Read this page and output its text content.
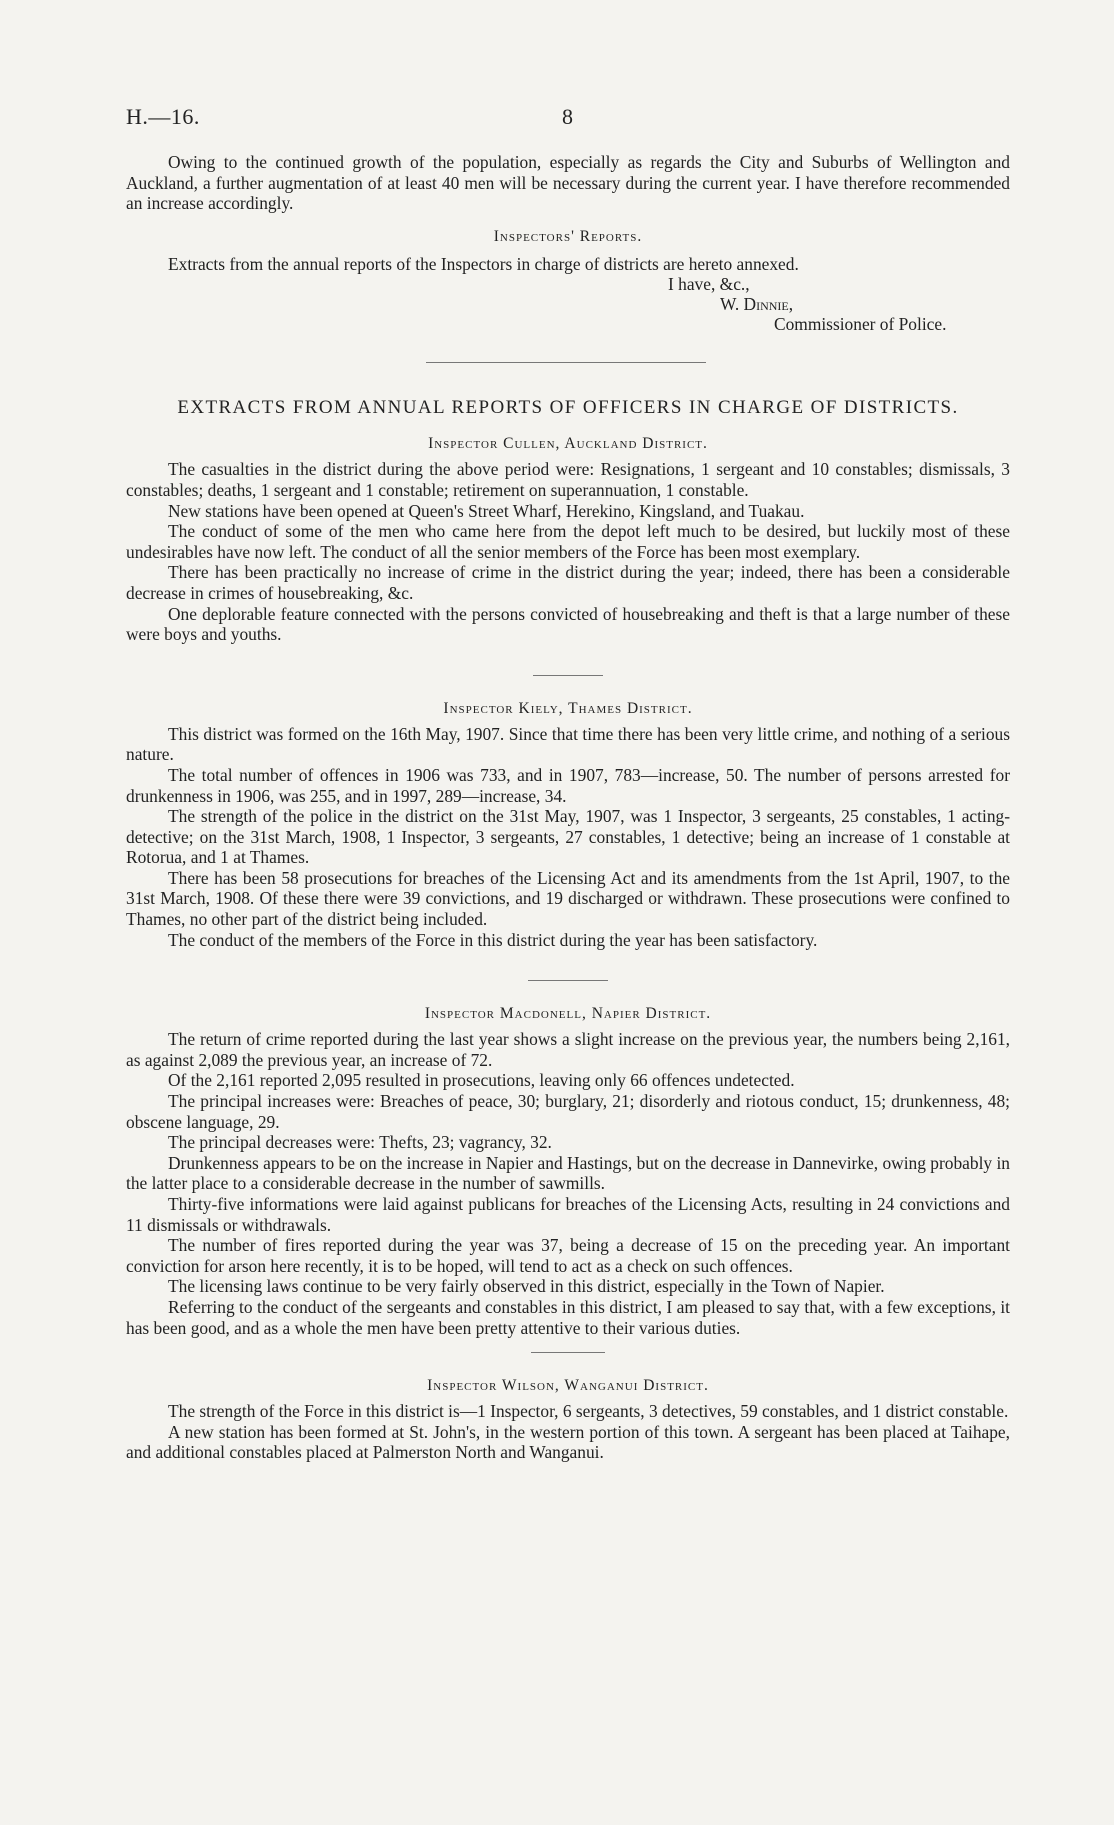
H.—16.	8

Owing to the continued growth of the population, especially as regards the City and Suburbs of Wellington and Auckland, a further augmentation of at least 40 men will be necessary during the current year. I have therefore recommended an increase accordingly.

Inspectors' Reports.

Extracts from the annual reports of the Inspectors in charge of districts are hereto annexed.

I have, &c.,
W. Dinnie,
Commissioner of Police.
EXTRACTS FROM ANNUAL REPORTS OF OFFICERS IN CHARGE OF DISTRICTS.
Inspector Cullen, Auckland District.

The casualties in the district during the above period were: Resignations, 1 sergeant and 10 constables; dismissals, 3 constables; deaths, 1 sergeant and 1 constable; retirement on superannuation, 1 constable.

New stations have been opened at Queen's Street Wharf, Herekino, Kingsland, and Tuakau.

The conduct of some of the men who came here from the depot left much to be desired, but luckily most of these undesirables have now left. The conduct of all the senior members of the Force has been most exemplary.

There has been practically no increase of crime in the district during the year; indeed, there has been a considerable decrease in crimes of housebreaking, &c.

One deplorable feature connected with the persons convicted of housebreaking and theft is that a large number of these were boys and youths.

Inspector Kiely, Thames District.

This district was formed on the 16th May, 1907. Since that time there has been very little crime, and nothing of a serious nature.

The total number of offences in 1906 was 733, and in 1907, 783—increase, 50. The number of persons arrested for drunkenness in 1906, was 255, and in 1997, 289—increase, 34.

The strength of the police in the district on the 31st May, 1907, was 1 Inspector, 3 sergeants, 25 constables, 1 acting-detective; on the 31st March, 1908, 1 Inspector, 3 sergeants, 27 constables, 1 detective; being an increase of 1 constable at Rotorua, and 1 at Thames.

There has been 58 prosecutions for breaches of the Licensing Act and its amendments from the 1st April, 1907, to the 31st March, 1908. Of these there were 39 convictions, and 19 discharged or withdrawn. These prosecutions were confined to Thames, no other part of the district being included.

The conduct of the members of the Force in this district during the year has been satisfactory.

Inspector Macdonell, Napier District.

The return of crime reported during the last year shows a slight increase on the previous year, the numbers being 2,161, as against 2,089 the previous year, an increase of 72.

Of the 2,161 reported 2,095 resulted in prosecutions, leaving only 66 offences undetected.

The principal increases were: Breaches of peace, 30; burglary, 21; disorderly and riotous conduct, 15; drunkenness, 48; obscene language, 29.

The principal decreases were: Thefts, 23; vagrancy, 32.

Drunkenness appears to be on the increase in Napier and Hastings, but on the decrease in Dannevirke, owing probably in the latter place to a considerable decrease in the number of sawmills.

Thirty-five informations were laid against publicans for breaches of the Licensing Acts, resulting in 24 convictions and 11 dismissals or withdrawals.

The number of fires reported during the year was 37, being a decrease of 15 on the preceding year. An important conviction for arson here recently, it is to be hoped, will tend to act as a check on such offences.

The licensing laws continue to be very fairly observed in this district, especially in the Town of Napier.

Referring to the conduct of the sergeants and constables in this district, I am pleased to say that, with a few exceptions, it has been good, and as a whole the men have been pretty attentive to their various duties.

Inspector Wilson, Wanganui District.

The strength of the Force in this district is—1 Inspector, 6 sergeants, 3 detectives, 59 constables, and 1 district constable.

A new station has been formed at St. John's, in the western portion of this town. A sergeant has been placed at Taihape, and additional constables placed at Palmerston North and Wanganui.
